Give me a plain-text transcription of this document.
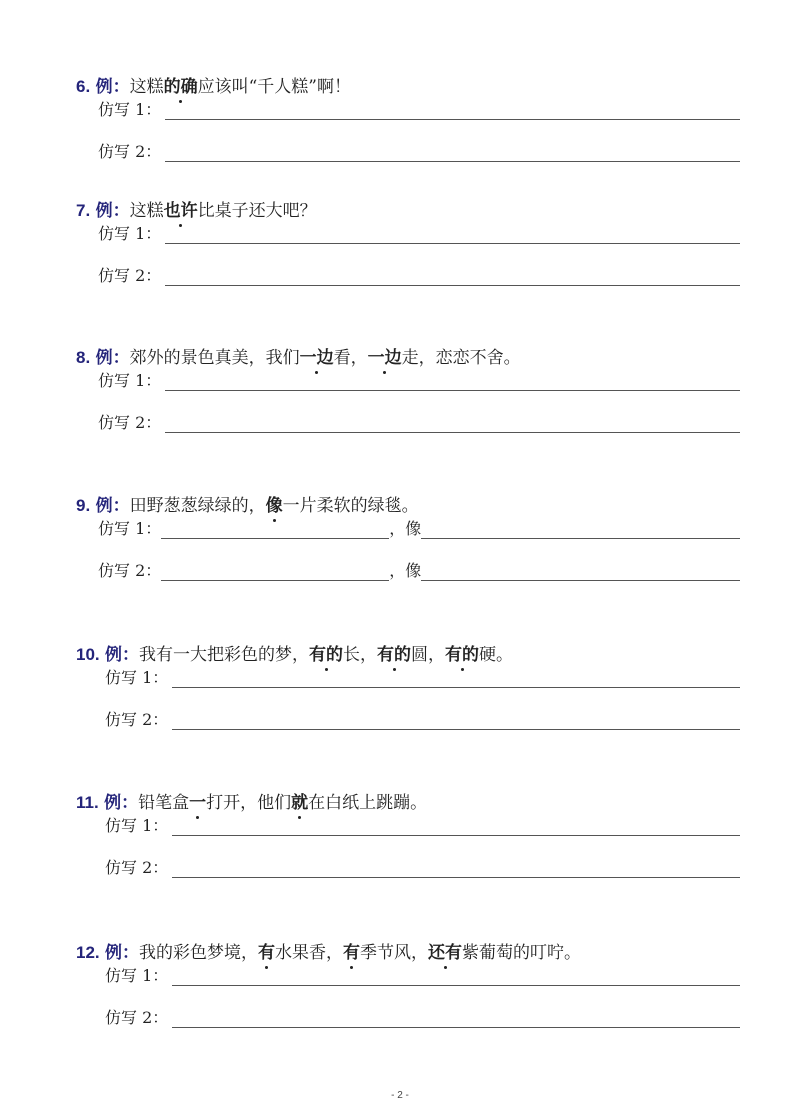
6. 例：这糕的确应该叫“千人糕”啊！
仿写 1：
仿写 2：
7. 例：这糕也许比桌子还大吧？
仿写 1：
仿写 2：
8. 例：郊外的景色真美，我们一边看，一边走，恋恋不舍。
仿写 1：
仿写 2：
9. 例：田野葱葱绿绿的，像一片柔软的绿毯。
仿写 1：	，像
仿写 2：	，像
10. 例：我有一大把彩色的梦，有的长，有的圆，有的硬。
仿写 1：
仿写 2：
11. 例：铅笔盒一打开，他们就在白纸上跳蹦。
仿写 1：
仿写 2：
12. 例：我的彩色梦境，有水果香，有季节风，还有紫葡萄的叮咛。
仿写 1：
仿写 2：
- 2 -
